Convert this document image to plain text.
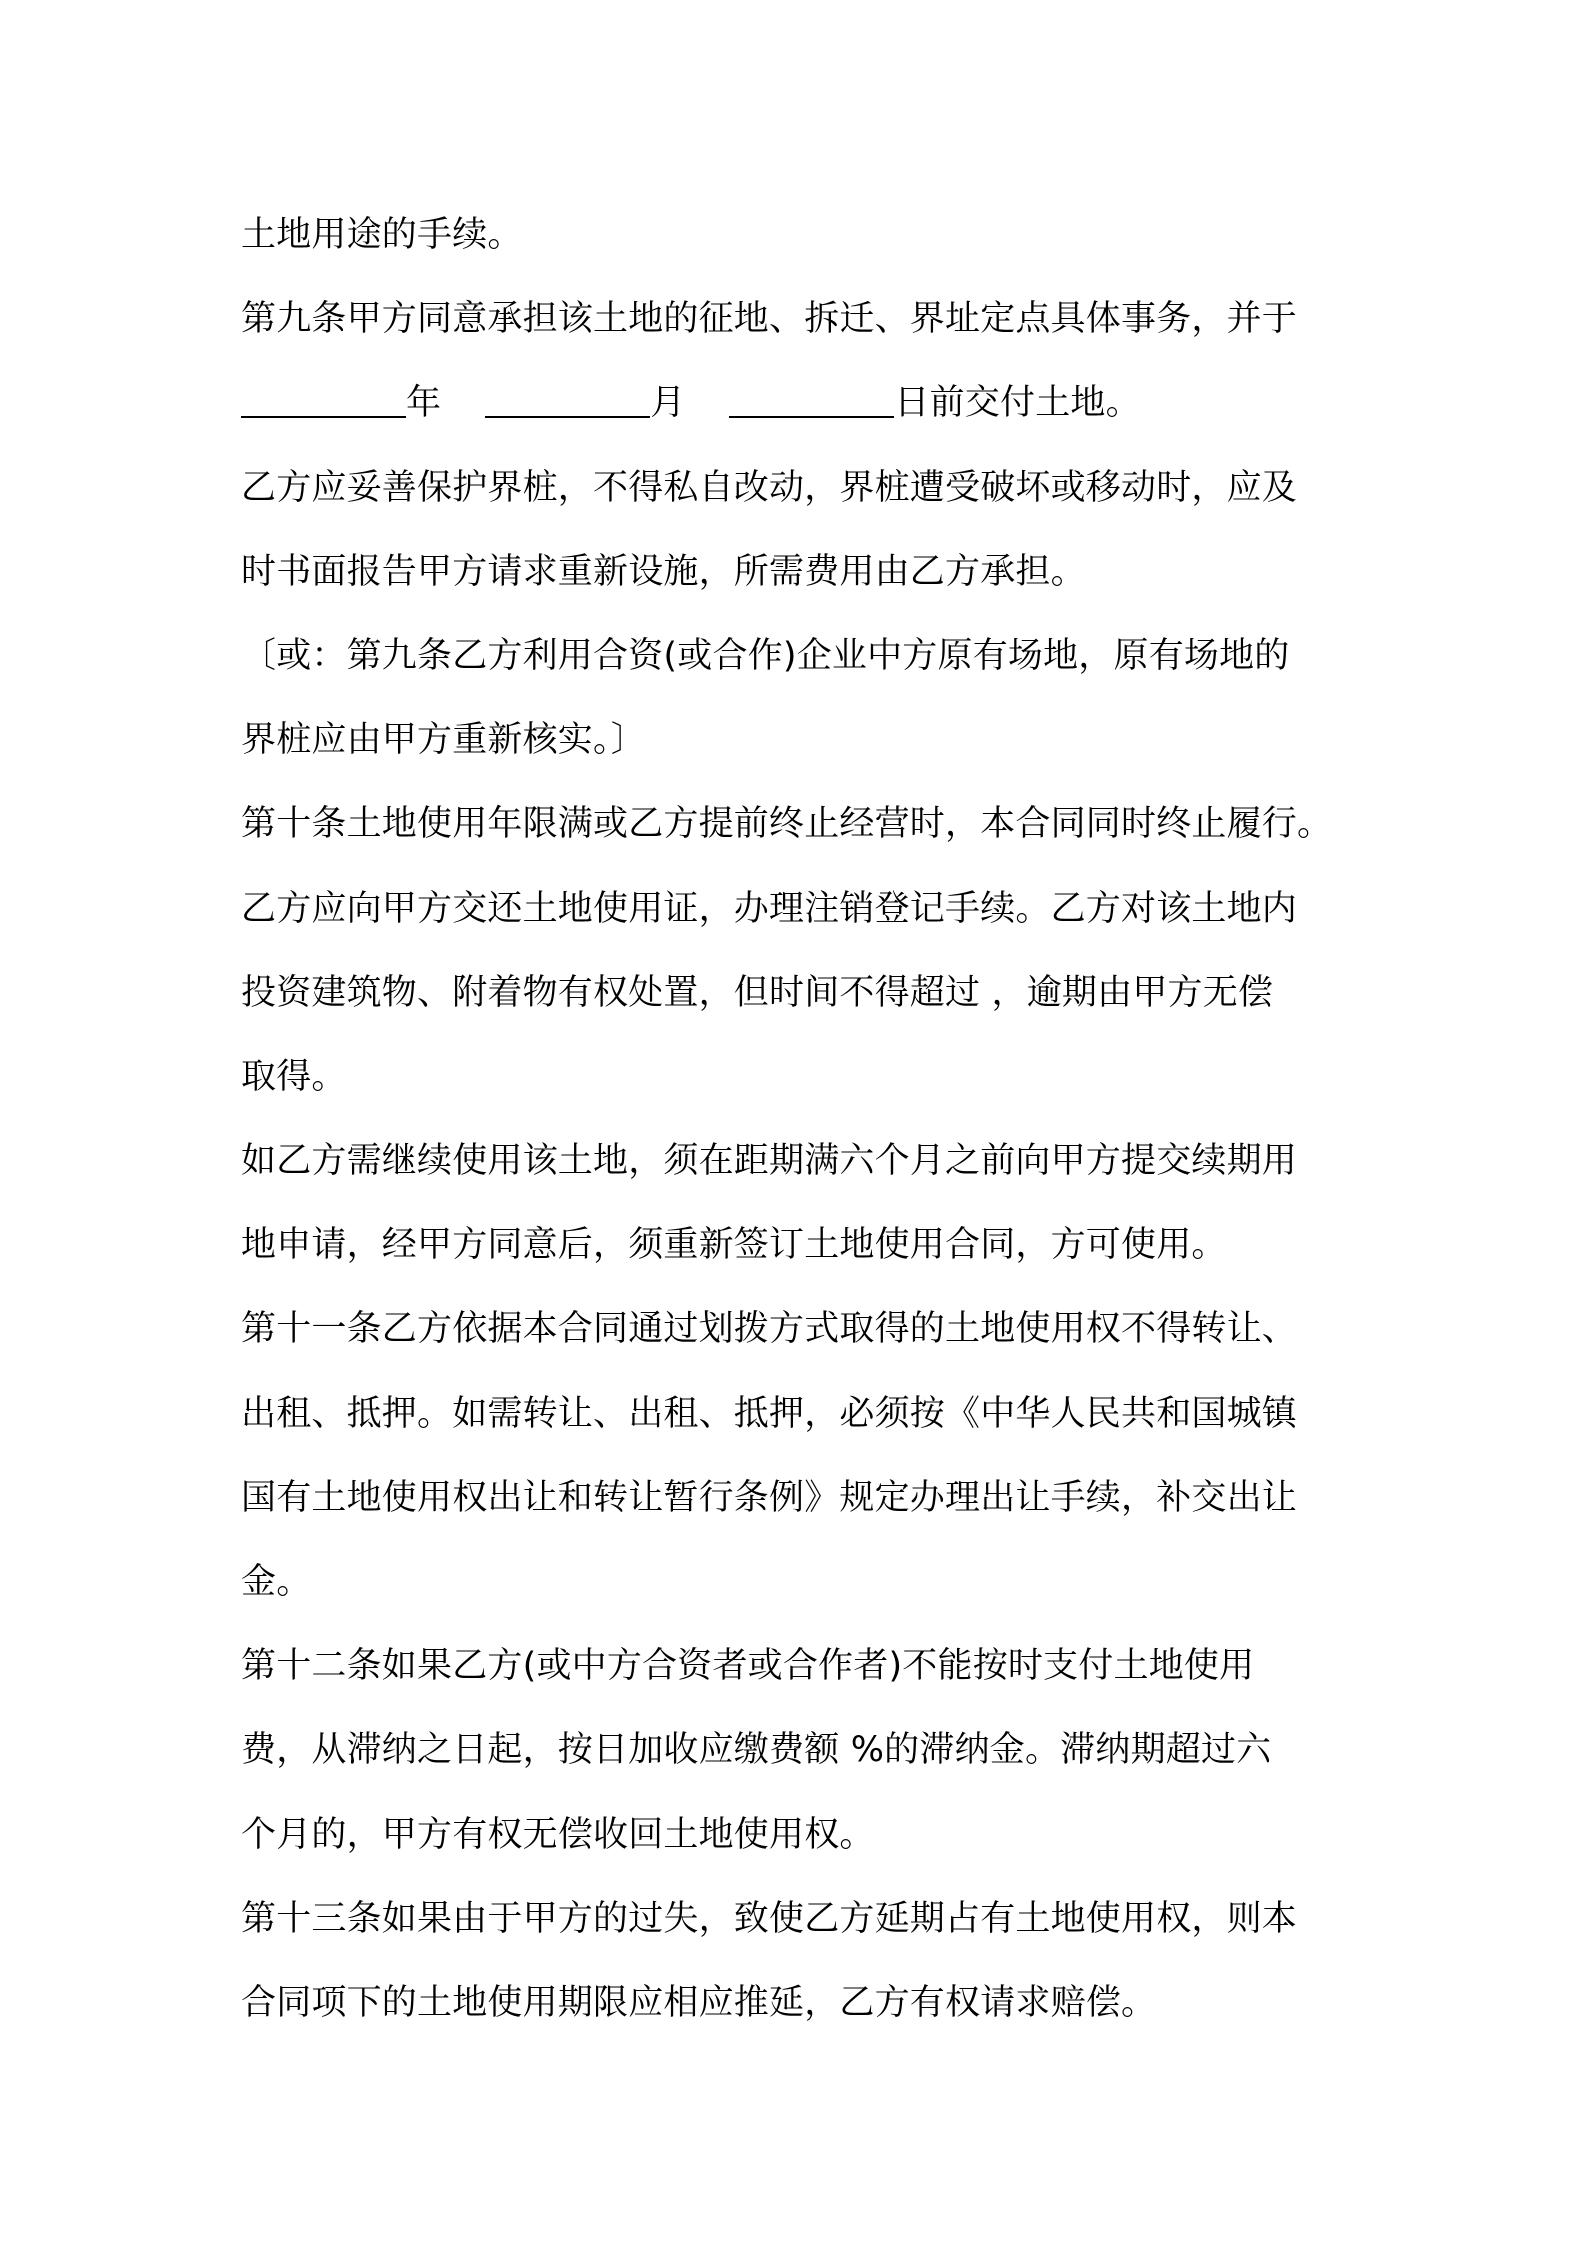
土地用途的手续。
第九条甲方同意承担该土地的征地、拆迁、界址定点具体事务，并于
年	月	日前交付土地。
乙方应妥善保护界桩，不得私自改动，界桩遭受破坏或移动时，应及
时书面报告甲方请求重新设施，所需费用由乙方承担。
〔或：第九条乙方利用合资(或合作)企业中方原有场地，原有场地的
界桩应由甲方重新核实。〕
第十条土地使用年限满或乙方提前终止经营时，本合同同时终止履行。
乙方应向甲方交还土地使用证，办理注销登记手续。乙方对该土地内
投资建筑物、附着物有权处置，但时间不得超过 ，逾期由甲方无偿
取得。
如乙方需继续使用该土地，须在距期满六个月之前向甲方提交续期用
地申请，经甲方同意后，须重新签订土地使用合同，方可使用。
第十一条乙方依据本合同通过划拨方式取得的土地使用权不得转让、
出租、抵押。如需转让、出租、抵押，必须按《中华人民共和国城镇
国有土地使用权出让和转让暂行条例》规定办理出让手续，补交出让
金。
第十二条如果乙方(或中方合资者或合作者)不能按时支付土地使用
费，从滞纳之日起，按日加收应缴费额 %的滞纳金。滞纳期超过六
个月的，甲方有权无偿收回土地使用权。
第十三条如果由于甲方的过失，致使乙方延期占有土地使用权，则本
合同项下的土地使用期限应相应推延，乙方有权请求赔偿。
